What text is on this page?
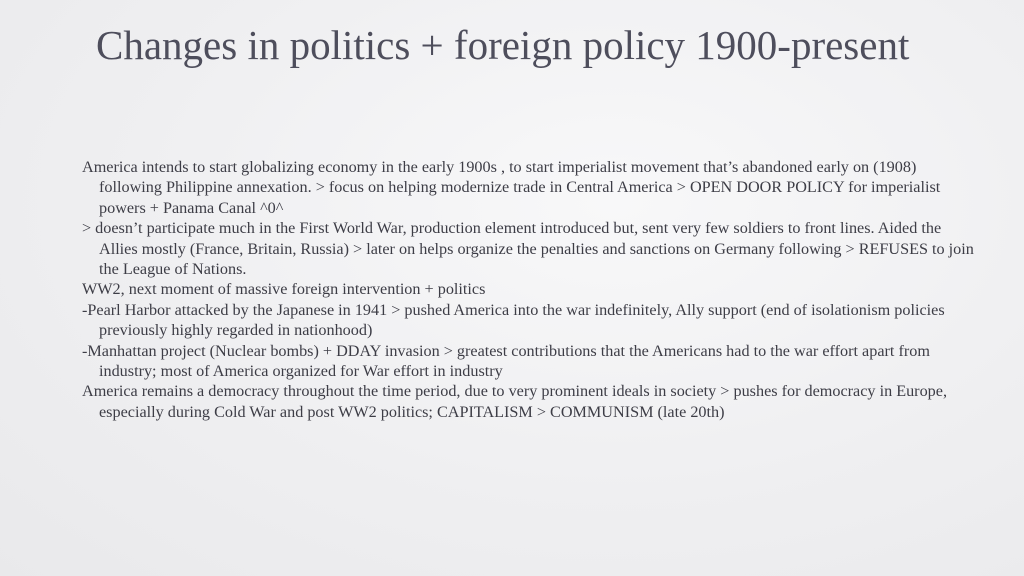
Changes in politics + foreign policy 1900-present
America intends to start globalizing economy in the early 1900s , to start imperialist movement that’s abandoned early on (1908) following Philippine annexation. > focus on helping modernize trade in Central America > OPEN DOOR POLICY for imperialist powers + Panama Canal ^0^
> doesn’t participate much in the First World War, production element introduced but, sent very few soldiers to front lines. Aided the Allies mostly (France, Britain, Russia) > later on helps organize the penalties and sanctions on Germany following > REFUSES to join the League of Nations.
WW2, next moment of massive foreign intervention + politics
-Pearl Harbor attacked by the Japanese in 1941 > pushed America into the war indefinitely, Ally support (end of isolationism policies previously highly regarded in nationhood)
-Manhattan project (Nuclear bombs) + DDAY invasion > greatest contributions that the Americans had to the war effort apart from industry; most of America organized for War effort in industry
America remains a democracy throughout the time period, due to very prominent ideals in society > pushes for democracy in Europe, especially during Cold War and post WW2 politics; CAPITALISM > COMMUNISM (late 20th)
